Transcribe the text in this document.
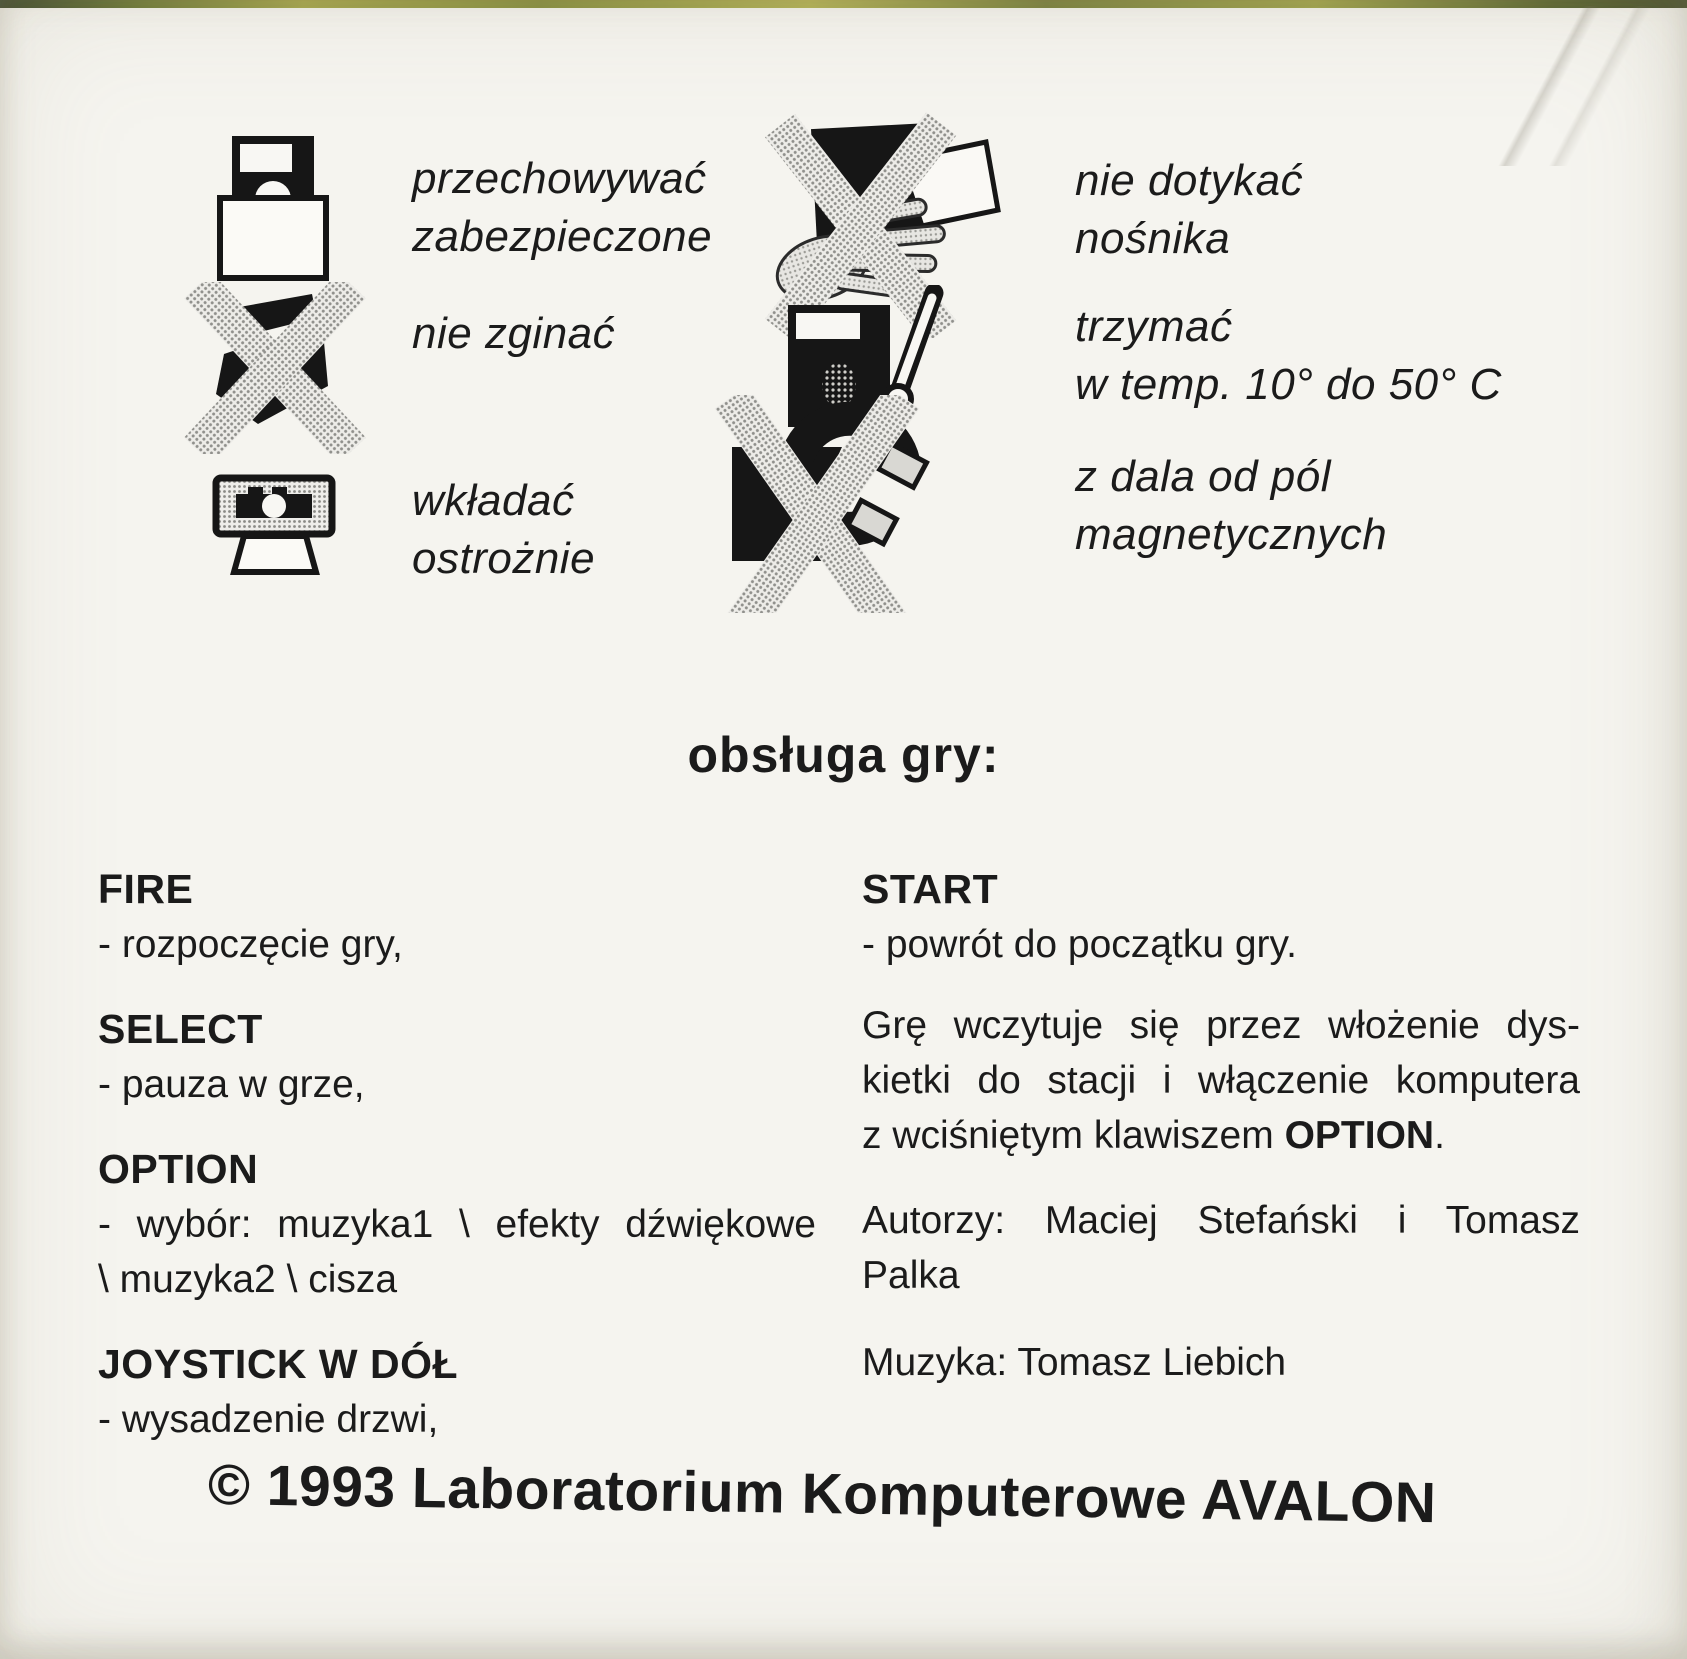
przechowywać
zabezpieczone
nie zginać
wkładać
ostrożnie
nie dotykać
nośnika
trzymać
w temp. 10° do 50° C
z dala od pól
magnetycznych
obsługa gry:
FIRE
- rozpoczęcie gry,
SELECT
- pauza w grze,
OPTION
- wybór: muzyka1 \ efekty dźwiękowe
\ muzyka2 \ cisza
JOYSTICK W DÓŁ
- wysadzenie drzwi,
START
- powrót do początku gry.
Grę wczytuje się przez włożenie dys-
kietki do stacji i włączenie komputera
z wciśniętym klawiszem OPTION.
Autorzy: Maciej Stefański i Tomasz
Palka
Muzyka: Tomasz Liebich
© 1993 Laboratorium Komputerowe AVALON
